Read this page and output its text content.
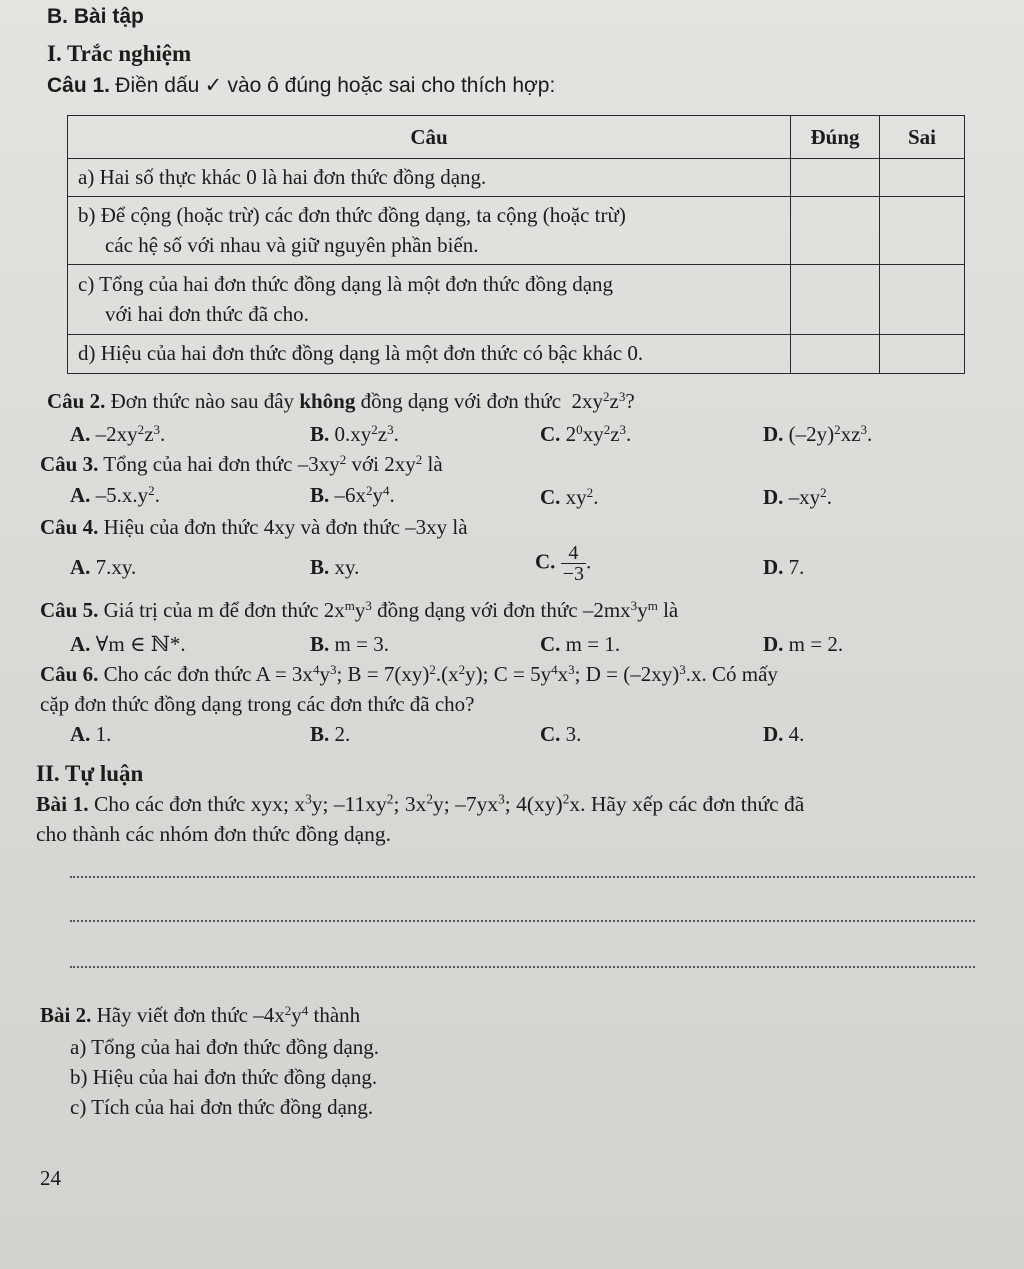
B. Bài tập
I. Trắc nghiệm
Câu 1. Điền dấu ✓ vào ô đúng hoặc sai cho thích hợp:
Câu	Đúng	Sai
a) Hai số thực khác 0 là hai đơn thức đồng dạng.		
b) Để cộng (hoặc trừ) các đơn thức đồng dạng, ta cộng (hoặc trừ)
các hệ số với nhau và giữ nguyên phần biến.		
c) Tổng của hai đơn thức đồng dạng là một đơn thức đồng dạng
với hai đơn thức đã cho.		
d) Hiệu của hai đơn thức đồng dạng là một đơn thức có bậc khác 0.		
Câu 2. Đơn thức nào sau đây không đồng dạng với đơn thức  $2xy^2z^3$?
A. $-2xy^2z^3$.	B. $0.xy^2z^3$.	C. $2^0xy^2z^3$.	D. $(-2y)^2xz^3$.
Câu 3. Tổng của hai đơn thức $-3xy^2$ với $2xy^2$ là
A. $-5.x.y^2$.	B. $-6x^2y^4$.	C. $xy^2$.	D. $-xy^2$.
Câu 4. Hiệu của đơn thức 4xy và đơn thức –3xy là
A. 7.xy.	B. xy.	C. $\frac{4}{-3}$ .	D. 7.
Câu 5. Giá trị của m để đơn thức $2x^my^3$ đồng dạng với đơn thức $-2mx^3y^m$ là
A. ∀m ∈ ℕ*.	B. m = 3.	C. m = 1.	D. m = 2.
Câu 6. Cho các đơn thức $A = 3x^4y^3$; $B = 7(xy)^2.(x^2y)$; $C = 5y^4x^3$; $D = (-2xy)^3.x$. Có mấy
cặp đơn thức đồng dạng trong các đơn thức đã cho?
A. 1.	B. 2.	C. 3.	D. 4.
II. Tự luận
Bài 1. Cho các đơn thức xyx; $x^3y$; $-11xy^2$; $3x^2y$; $-7yx^3$; 4(xy)$^2$x. Hãy xếp các đơn thức đã
cho thành các nhóm đơn thức đồng dạng.
Bài 2. Hãy viết đơn thức $-4x^2y^4$ thành
a) Tổng của hai đơn thức đồng dạng.
b) Hiệu của hai đơn thức đồng dạng.
c) Tích của hai đơn thức đồng dạng.
24
